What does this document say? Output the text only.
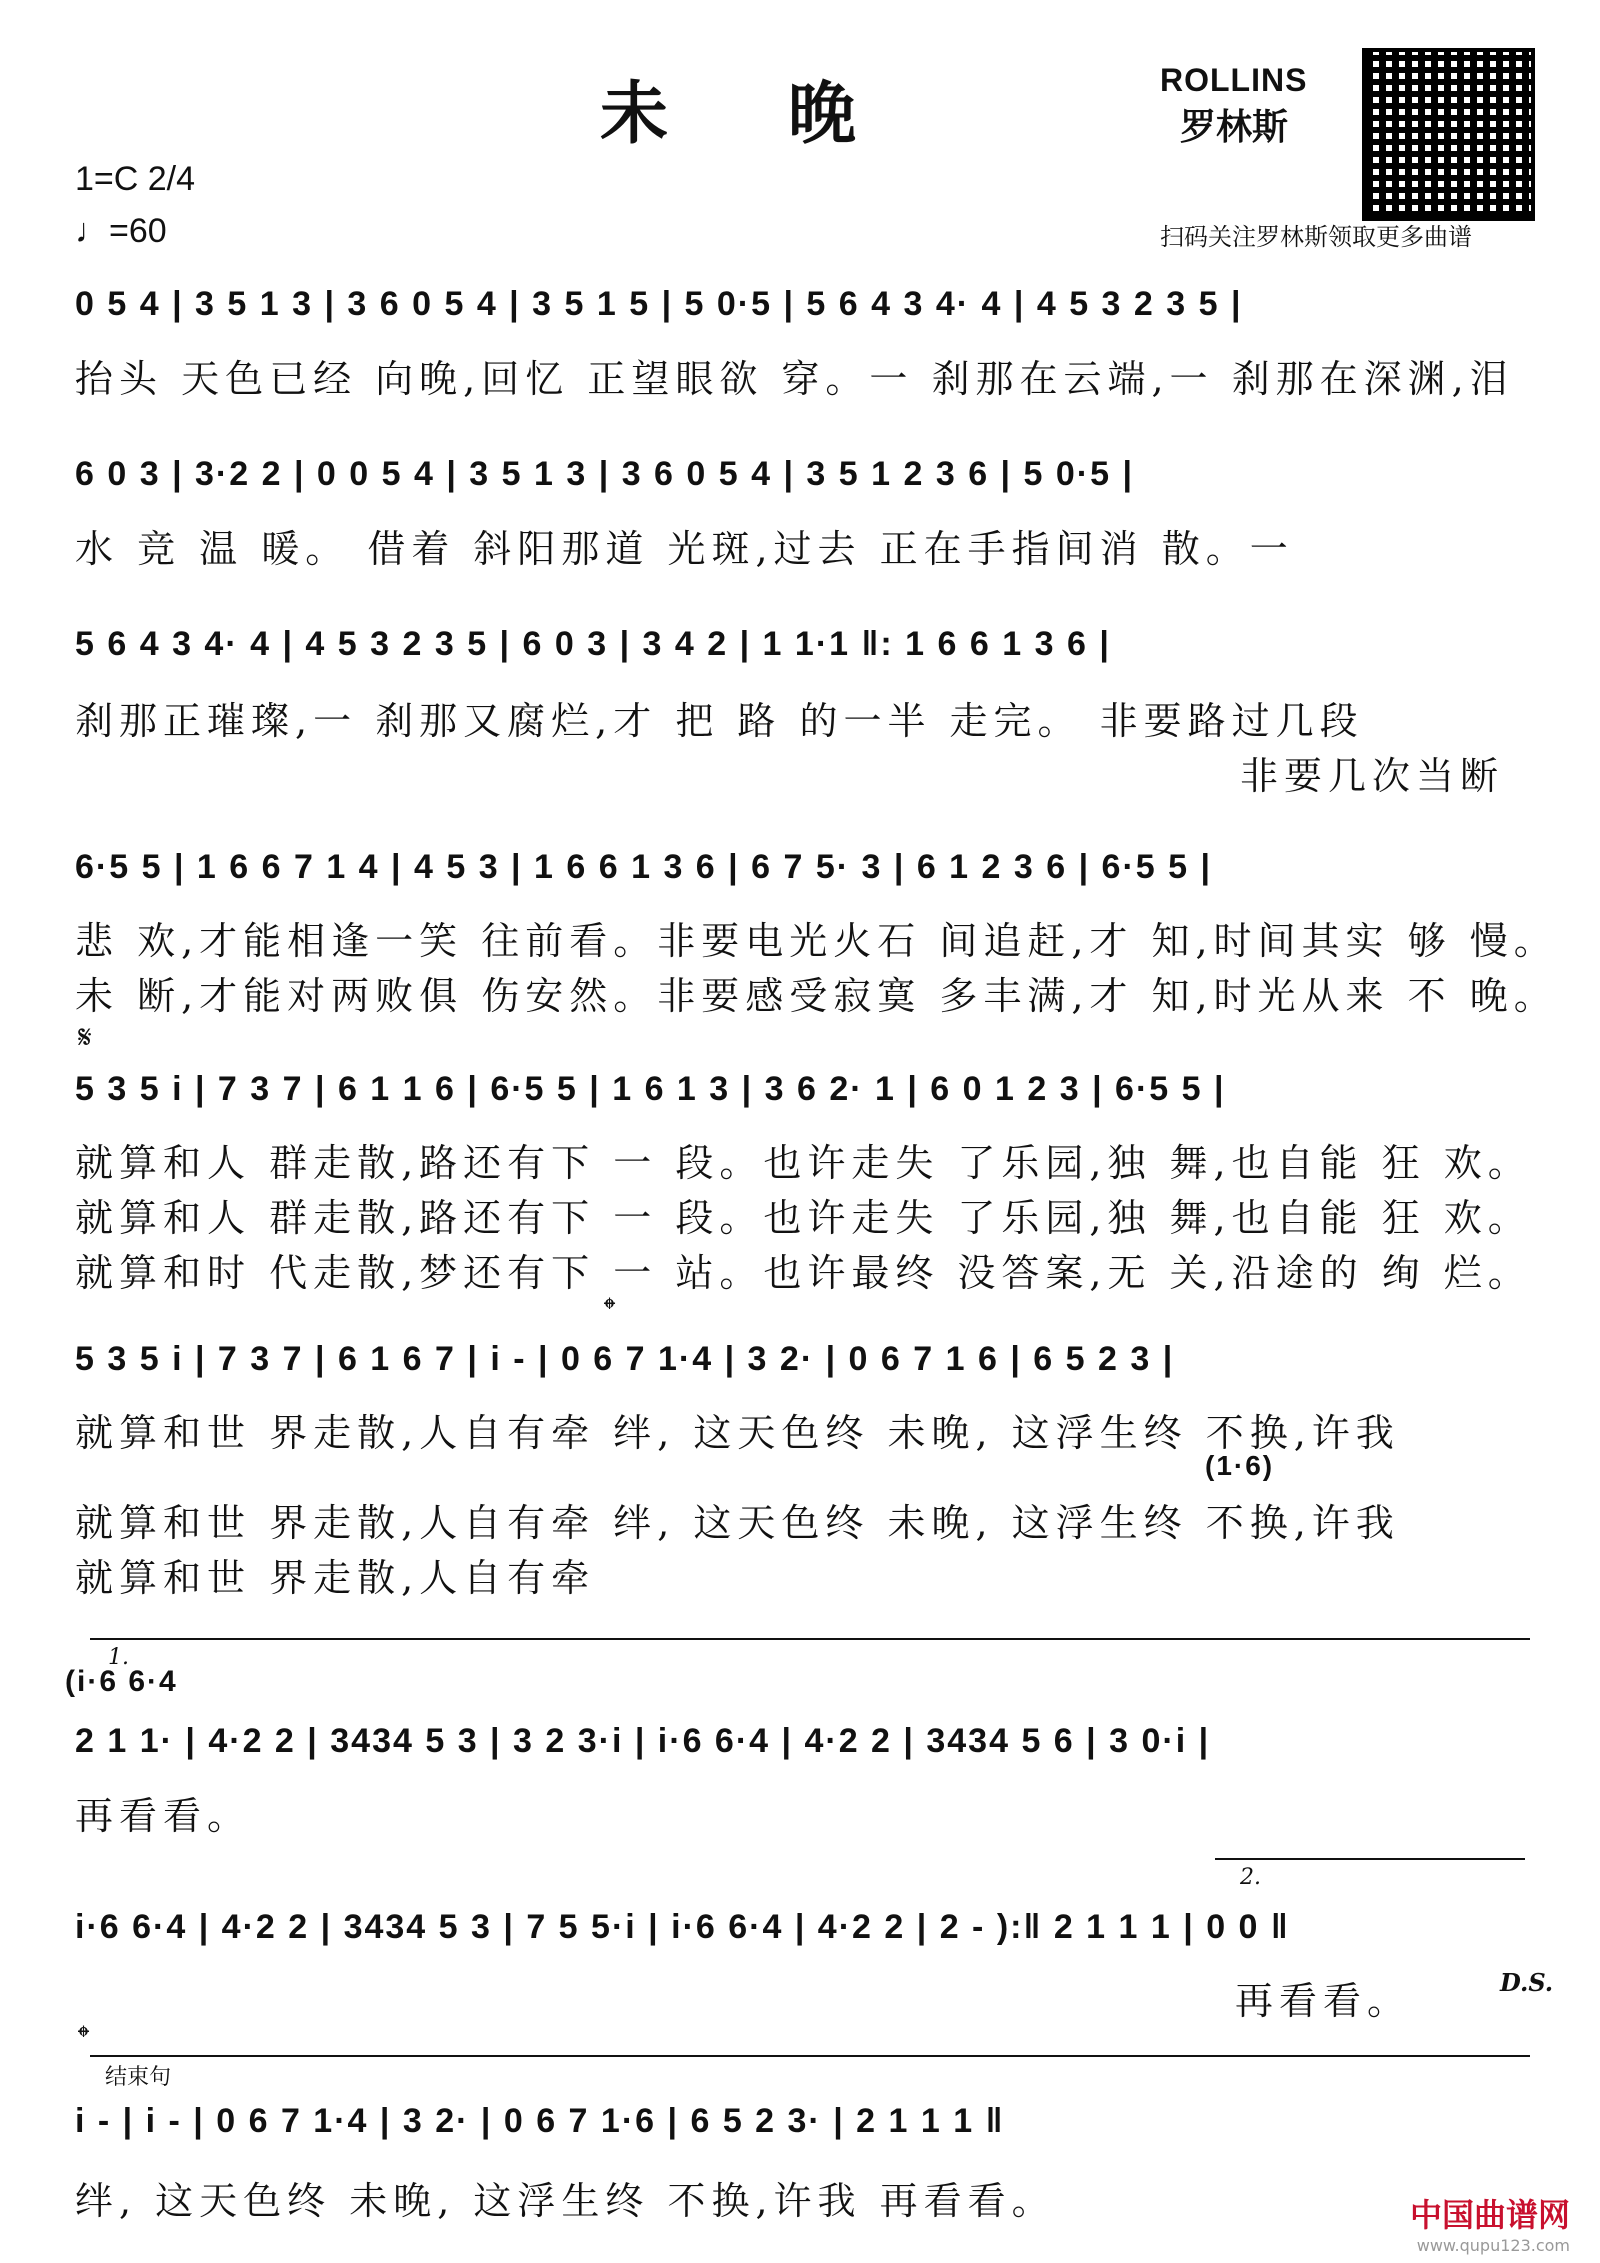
未晚
1=C 2/4
♩=60
ROLLINS
罗林斯
扫码关注罗林斯领取更多曲谱
0 5 4 | 3 5 1 3 | 3 6 0 5 4 | 3 5 1 5 | 5 0·5 | 5 6 4 3 4· 4 | 4 5 3 2 3 5 |
抬头 天色已经 向晚,回忆 正望眼欲 穿。一 刹那在云端,一 刹那在深渊,泪
6 0 3 | 3·2 2 | 0 0 5 4 | 3 5 1 3 | 3 6 0 5 4 | 3 5 1 2 3 6 | 5 0·5 |
水 竞 温 暖。 借着 斜阳那道 光斑,过去 正在手指间消 散。一
5 6 4 3 4· 4 | 4 5 3 2 3 5 | 6 0 3 | 3 4 2 | 1 1·1 ‖: 1 6 6 1 3 6 |
刹那正璀璨,一 刹那又腐烂,才 把 路 的一半 走完。 非要路过几段
非要几次当断
6·5 5 | 1 6 6 7 1 4 | 4 5 3 | 1 6 6 1 3 6 | 6 7 5· 3 | 6 1 2 3 6 | 6·5 5 |
悲 欢,才能相逢一笑 往前看。非要电光火石 间追赶,才 知,时间其实 够 慢。
未 断,才能对两败俱 伤安然。非要感受寂寞 多丰满,才 知,时光从来 不 晚。
𝄋
5 3 5 i | 7 3 7 | 6 1 1 6 | 6·5 5 | 1 6 1 3 | 3 6 2· 1 | 6 0 1 2 3 | 6·5 5 |
就算和人 群走散,路还有下 一 段。也许走失 了乐园,独 舞,也自能 狂 欢。
就算和人 群走散,路还有下 一 段。也许走失 了乐园,独 舞,也自能 狂 欢。
就算和时 代走散,梦还有下 一 站。也许最终 没答案,无 关,沿途的 绚 烂。
𝄌
5 3 5 i | 7 3 7 | 6 1 6 7 | i - | 0 6 7 1·4 | 3 2· | 0 6 7 1 6 | 6 5 2 3 |
就算和世 界走散,人自有牵 绊, 这天色终 未晚, 这浮生终 不换,许我
(1·6)
就算和世 界走散,人自有牵 绊, 这天色终 未晚, 这浮生终 不换,许我
就算和世 界走散,人自有牵
1.
(i·6 6·4
2 1 1· | 4·2 2 | 3434 5 3 | 3 2 3·i | i·6 6·4 | 4·2 2 | 3434 5 6 | 3 0·i |
再看看。
2.
i·6 6·4 | 4·2 2 | 3434 5 3 | 7 5 5·i | i·6 6·4 | 4·2 2 | 2 - ):‖ 2 1 1 1 | 0 0 ‖
再看看。	D.S.
𝄌
结束句
i - | i - | 0 6 7 1·4 | 3 2· | 0 6 7 1·6 | 6 5 2 3· | 2 1 1 1 ‖
绊, 这天色终 未晚, 这浮生终 不换,许我 再看看。	中国曲谱网
www.qupu123.com
